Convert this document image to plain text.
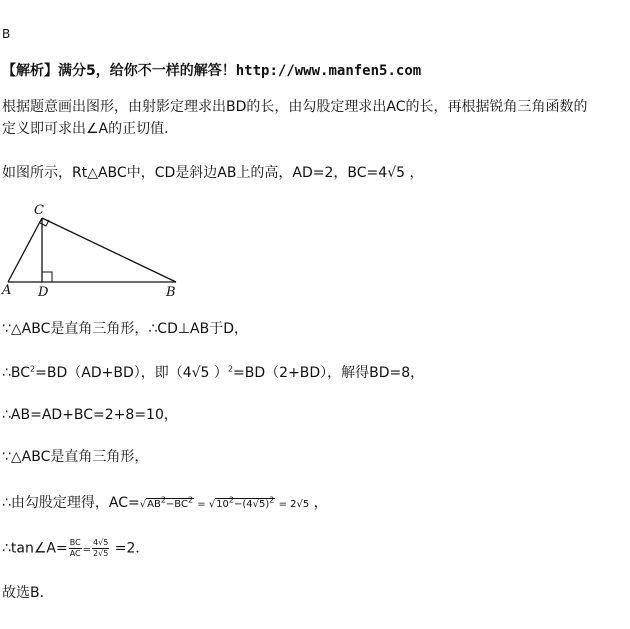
B
【解析】满分5，给你不一样的解答！http://www.manfen5.com
根据题意画出图形，由射影定理求出BD的长，由勾股定理求出AC的长，再根据锐角三角函数的
定义即可求出∠A的正切值．
如图所示，Rt△ABC中，CD是斜边AB上的高，AD=2，BC=4√5 ，
C
A D	B
∵△ABC是直角三角形，∴CD⊥AB于D，
$\therefore BC^2=BD(AD+BD)$，即（4√5 ）$^2$=BD（2+BD），解得BD=8，
∴AB=AD+BC=2+8=10，
∵△ABC是直角三角形，
∴由勾股定理得，$AC=√AB^2-BC^2 = √10^2-(4√5)^2 = 2√5$ ，
∴tan∠A= $\frac{BC}{AC} = \frac{4√5}{2√5} =2$．
故选B．
